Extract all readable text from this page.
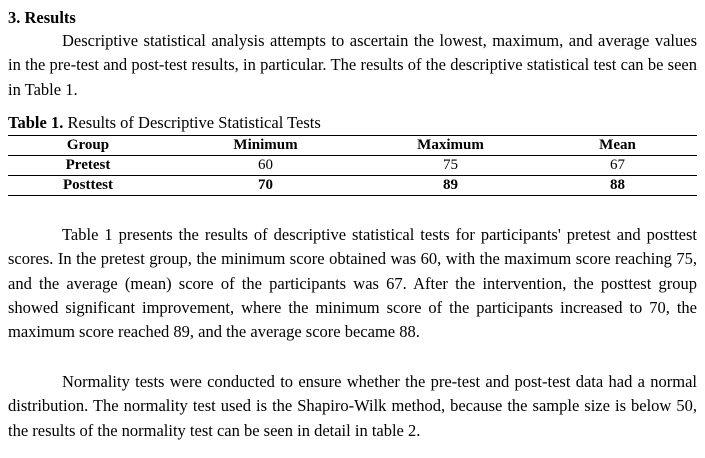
3. Results

Descriptive statistical analysis attempts to ascertain the lowest, maximum, and average values in the pre-test and post-test results, in particular. The results of the descriptive statistical test can be seen in Table 1.

Table 1. Results of Descriptive Statistical Tests
Group	Minimum	Maximum	Mean
Pretest	60	75	67
Posttest	70	89	88

Table 1 presents the results of descriptive statistical tests for participants' pretest and posttest scores. In the pretest group, the minimum score obtained was 60, with the maximum score reaching 75, and the average (mean) score of the participants was 67. After the intervention, the posttest group showed significant improvement, where the minimum score of the participants increased to 70, the maximum score reached 89, and the average score became 88.

Normality tests were conducted to ensure whether the pre-test and post-test data had a normal distribution. The normality test used is the Shapiro-Wilk method, because the sample size is below 50, the results of the normality test can be seen in detail in table 2.
